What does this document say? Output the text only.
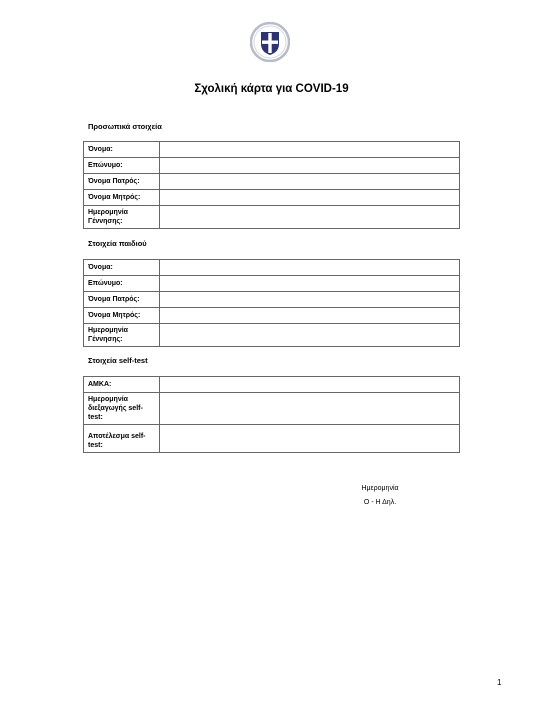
Σχολική κάρτα για COVID-19
Προσωπικά στοιχεία
Όνομα:	
Επώνυμο:	
Όνομα Πατρός:	
Όνομα Μητρός:	
Ημερομηνία Γέννησης:	
Στοιχεία παιδιού
Όνομα:	
Επώνυμο:	
Όνομα Πατρός:	
Όνομα Μητρός:	
Ημερομηνία Γέννησης:	
Στοιχεία self-test
ΑΜΚΑ:	
Ημερομηνία διεξαγωγής self-test:	
Αποτέλεσμα self-test:	
Ημερομηνία
Ο - Η Δηλ.
1
